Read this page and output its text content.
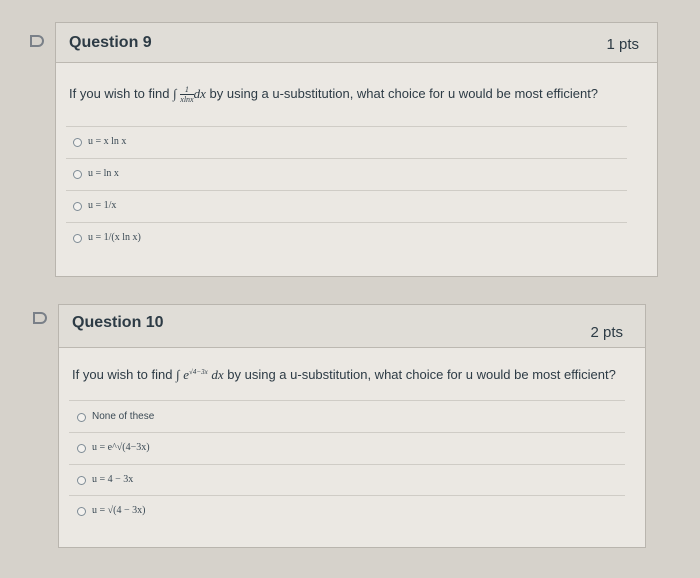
Question 9	1 pts
If you wish to find ∫ $\frac{1}{xlnx}$ dx by using a u-substitution, what choice for u would be most efficient?
u = x ln x
u = ln x
u = 1/x
u = 1/(x ln x)
Question 10
2 pts
If you wish to find ∫ $e^{√4-3x}$ dx by using a u-substitution, what choice for u would be most efficient?
None of these
u = e^√(4−3x)
u = 4 − 3x
u = √(4 − 3x)
